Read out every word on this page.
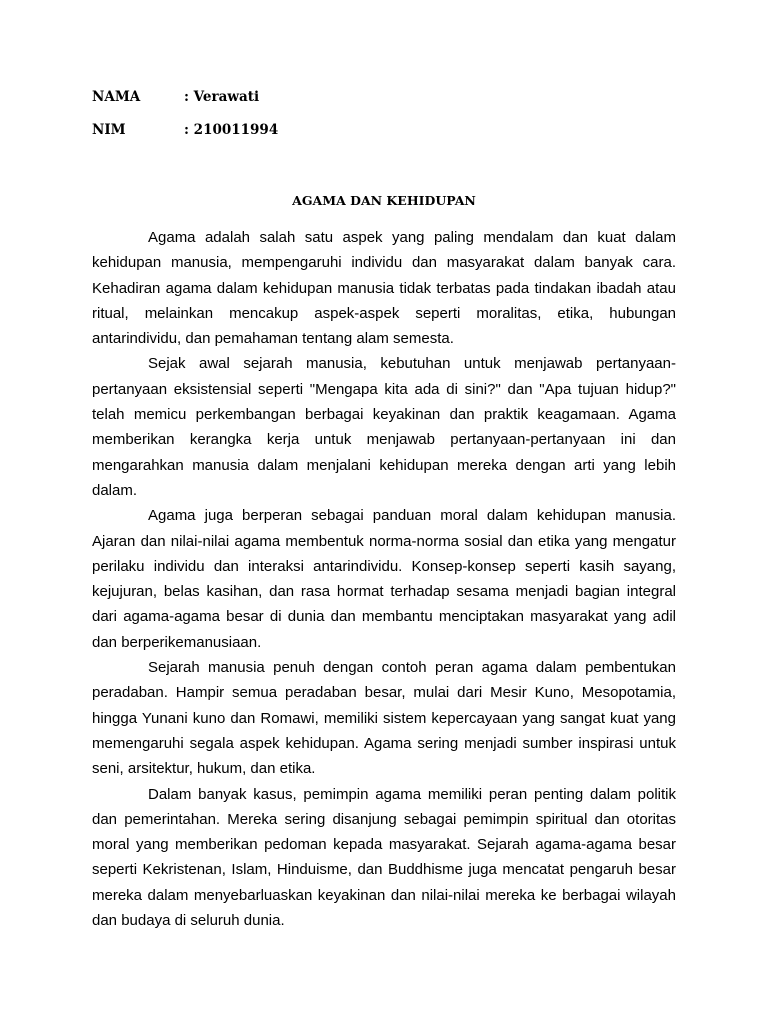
NAMA	: Verawati
NIM	: 210011994
AGAMA DAN KEHIDUPAN

Agama adalah salah satu aspek yang paling mendalam dan kuat dalam kehidupan manusia, mempengaruhi individu dan masyarakat dalam banyak cara. Kehadiran agama dalam kehidupan manusia tidak terbatas pada tindakan ibadah atau ritual, melainkan mencakup aspek-aspek seperti moralitas, etika, hubungan antarindividu, dan pemahaman tentang alam semesta.

Sejak awal sejarah manusia, kebutuhan untuk menjawab pertanyaan-pertanyaan eksistensial seperti "Mengapa kita ada di sini?" dan "Apa tujuan hidup?" telah memicu perkembangan berbagai keyakinan dan praktik keagamaan. Agama memberikan kerangka kerja untuk menjawab pertanyaan-pertanyaan ini dan mengarahkan manusia dalam menjalani kehidupan mereka dengan arti yang lebih dalam.

Agama juga berperan sebagai panduan moral dalam kehidupan manusia. Ajaran dan nilai-nilai agama membentuk norma-norma sosial dan etika yang mengatur perilaku individu dan interaksi antarindividu. Konsep-konsep seperti kasih sayang, kejujuran, belas kasihan, dan rasa hormat terhadap sesama menjadi bagian integral dari agama-agama besar di dunia dan membantu menciptakan masyarakat yang adil dan berperikemanusiaan.

Sejarah manusia penuh dengan contoh peran agama dalam pembentukan peradaban. Hampir semua peradaban besar, mulai dari Mesir Kuno, Mesopotamia, hingga Yunani kuno dan Romawi, memiliki sistem kepercayaan yang sangat kuat yang memengaruhi segala aspek kehidupan. Agama sering menjadi sumber inspirasi untuk seni, arsitektur, hukum, dan etika.

Dalam banyak kasus, pemimpin agama memiliki peran penting dalam politik dan pemerintahan. Mereka sering disanjung sebagai pemimpin spiritual dan otoritas moral yang memberikan pedoman kepada masyarakat. Sejarah agama-agama besar seperti Kekristenan, Islam, Hinduisme, dan Buddhisme juga mencatat pengaruh besar mereka dalam menyebarluaskan keyakinan dan nilai-nilai mereka ke berbagai wilayah dan budaya di seluruh dunia.
